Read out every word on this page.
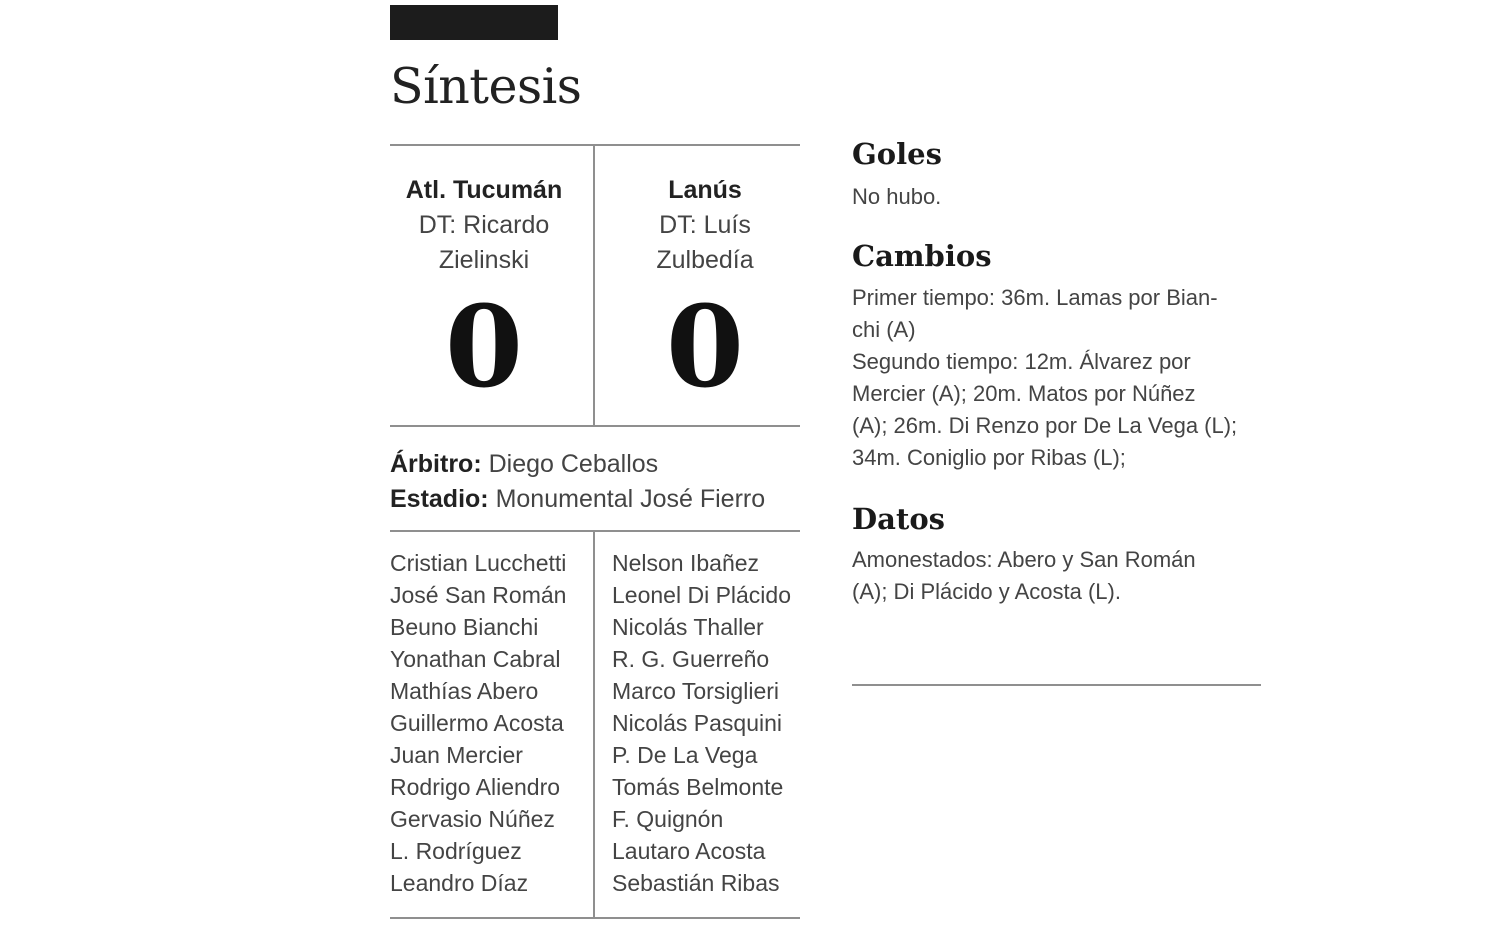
Síntesis
Atl. Tucumán
DT: Ricardo
Zielinski
0
Lanús
DT: Luís
Zulbedía
0
Árbitro: Diego Ceballos
Estadio: Monumental José Fierro
Cristian Lucchetti
José San Román
Beuno Bianchi
Yonathan Cabral
Mathías Abero
Guillermo Acosta
Juan Mercier
Rodrigo Aliendro
Gervasio Núñez
L. Rodríguez
Leandro Díaz
Nelson Ibañez
Leonel Di Plácido
Nicolás Thaller
R. G. Guerreño
Marco Torsiglieri
Nicolás Pasquini
P. De La Vega
Tomás Belmonte
F. Quignón
Lautaro Acosta
Sebastián Ribas
Goles
No hubo.
Cambios
Primer tiempo: 36m. Lamas por Bian-
chi (A)
Segundo tiempo: 12m. Álvarez por
Mercier (A); 20m. Matos por Núñez
(A); 26m. Di Renzo por De La Vega (L);
34m. Coniglio por Ribas (L);
Datos
Amonestados: Abero y San Román
(A); Di Plácido y Acosta (L).
